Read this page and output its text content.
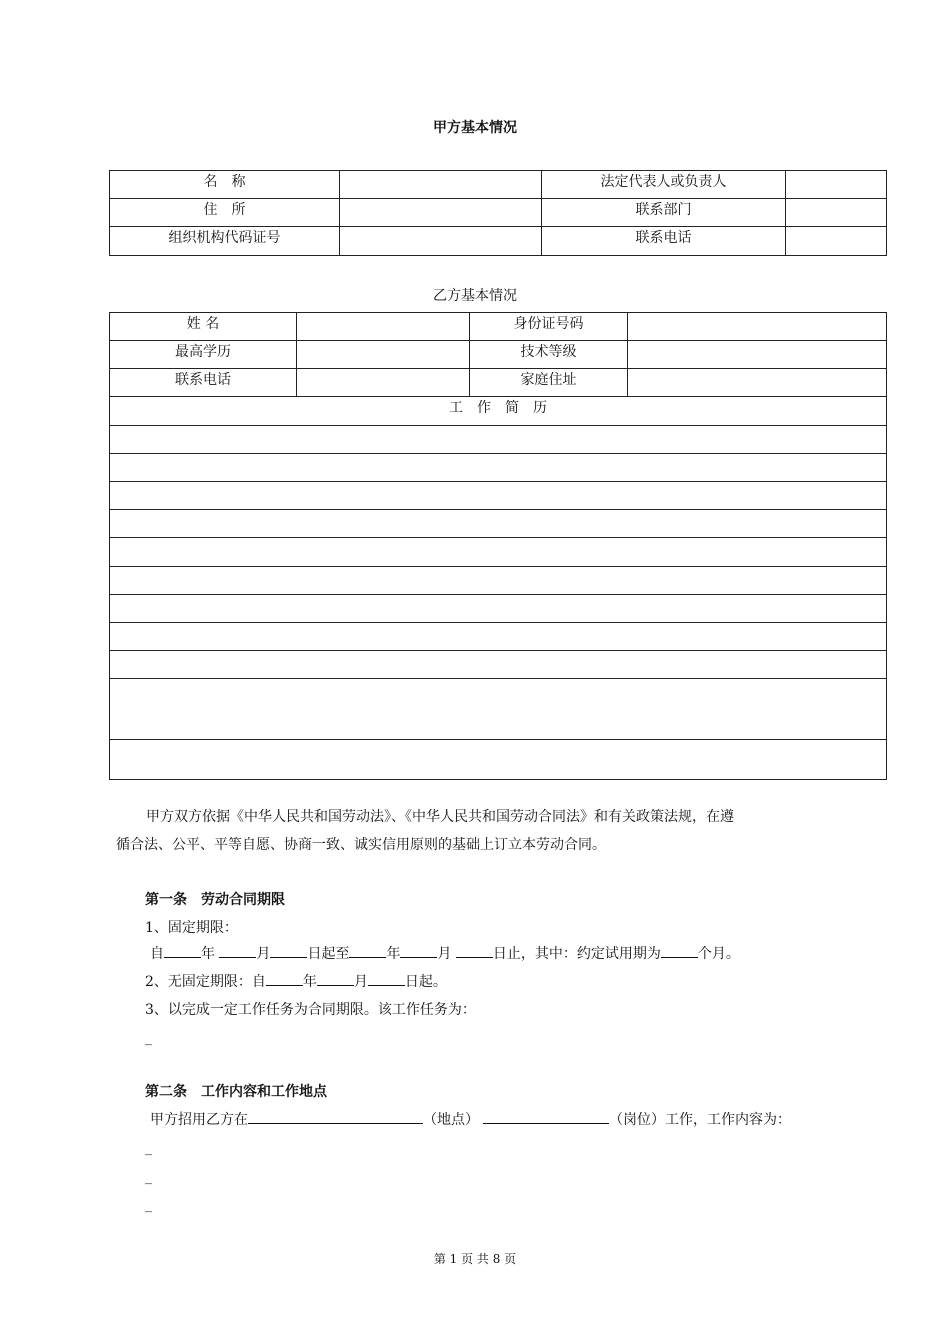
甲方基本情况
名　称		法定代表人或负责人	
住　所		联系部门	
组织机构代码证号		联系电话	
乙方基本情况
姓 名		身份证号码	
最高学历		技术等级	
联系电话		家庭住址	
工　作　简　历			

甲方双方依据《中华人民共和国劳动法》、《中华人民共和国劳动合同法》和有关政策法规，在遵
循合法、公平、平等自愿、协商一致、诚实信用原则的基础上订立本劳动合同。
第一条　劳动合同期限
1、固定期限：
自	年	月	日起至	年	月	日止，其中：约定试用期为	个月。
2、无固定期限：自	年	月	日起。
3、以完成一定工作任务为合同期限。该工作任务为：
_
第二条　工作内容和工作地点
甲方招用乙方在	（地点）	（岗位）工作，工作内容为：
_
_
_
第 1 页 共 8 页
